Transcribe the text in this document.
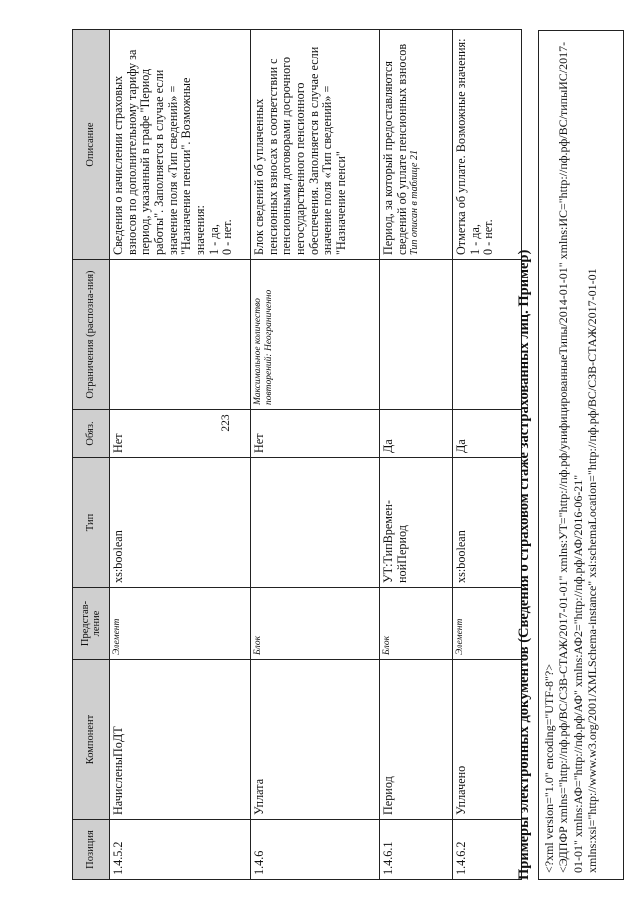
223
Позиция	Компонент	Представ-ление	Тип	Обяз.	Ограничения (распозна-ния)	Описание
1.4.5.2	НачисленыПоДТ	Элемент	xs:boolean	Нет		Сведения о начислении страховых взносов по дополнительному тарифу за период, указанный в графе "Период работы". Заполняется в случае если значение поля «Тип сведений» = "Назначение пенсии". Возможные значения: 1 - да, 0 - нет.

1.4.6	Уплата	Блок		Нет	Максимальное количество повторений: Неограниченно	Блок сведений об уплаченных пенсионных взносах в соответствии с пенсионными договорами досрочного негосударственного пенсионного обеспечения. Заполняется в случае если значение поля «Тип сведений» = "Назначение пенси"

1.4.6.1	Период	Блок	УТ:ТипВремен-нойПериод	Да		Период, за который предоставляются сведений об уплате пенсионных взносов Тип описан в таблице 21

1.4.6.2	Уплачено	Элемент	xs:boolean	Да		Отметка об уплате. Возможные значения: 1 - да, 0 - нет.
Примеры электронных документов (Сведения о страховом стаже застрахованных лиц. Пример) <?xml version="1.0" encoding="UTF-8"?> <ЭДПФР xmlns="http://пф.рф/ВС/СЗВ-СТАЖ/2017-01-01" xmlns:УТ="http://пф.рф/унифицированныеТипы/2014-01-01" xmlns:ИС="http://пф.рф/ВС/типыИС/2017-01-01" xmlns:АФ="http://пф.рф/АФ" xmlns:АФ2="http://пф.рф/АФ/2016-06-21" xmlns:xsi="http://www.w3.org/2001/XMLSchema-instance" xsi:schemaLocation="http://пф.рф/ВС/СЗВ-СТАЖ/2017-01-01
